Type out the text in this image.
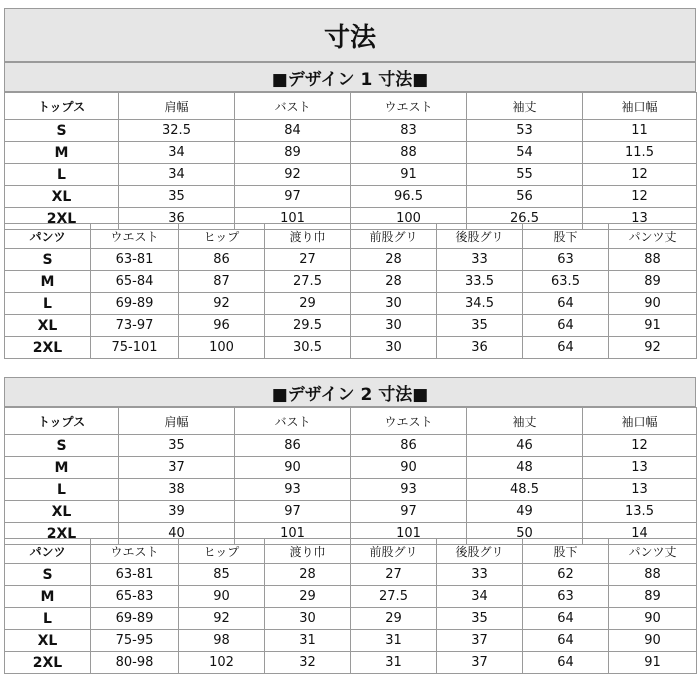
寸法
■デザイン 1 寸法■
トップス	肩幅	バスト	ウエスト	袖丈	袖口幅
S	32.5	84	83	53	11
M	34	89	88	54	11.5
L	34	92	91	55	12
XL	35	97	96.5	56	12
2XL	36	101	100	26.5	13
パンツ	ウエスト	ヒップ	渡り巾	前股グリ	後股グリ	股下	パンツ丈
S	63-81	86	27	28	33	63	88
M	65-84	87	27.5	28	33.5	63.5	89
L	69-89	92	29	30	34.5	64	90
XL	73-97	96	29.5	30	35	64	91
2XL	75-101	100	30.5	30	36	64	92
■デザイン 2 寸法■
トップス	肩幅	バスト	ウエスト	袖丈	袖口幅
S	35	86	86	46	12
M	37	90	90	48	13
L	38	93	93	48.5	13
XL	39	97	97	49	13.5
2XL	40	101	101	50	14
パンツ	ウエスト	ヒップ	渡り巾	前股グリ	後股グリ	股下	パンツ丈
S	63-81	85	28	27	33	62	88
M	65-83	90	29	27.5	34	63	89
L	69-89	92	30	29	35	64	90
XL	75-95	98	31	31	37	64	90
2XL	80-98	102	32	31	37	64	91
